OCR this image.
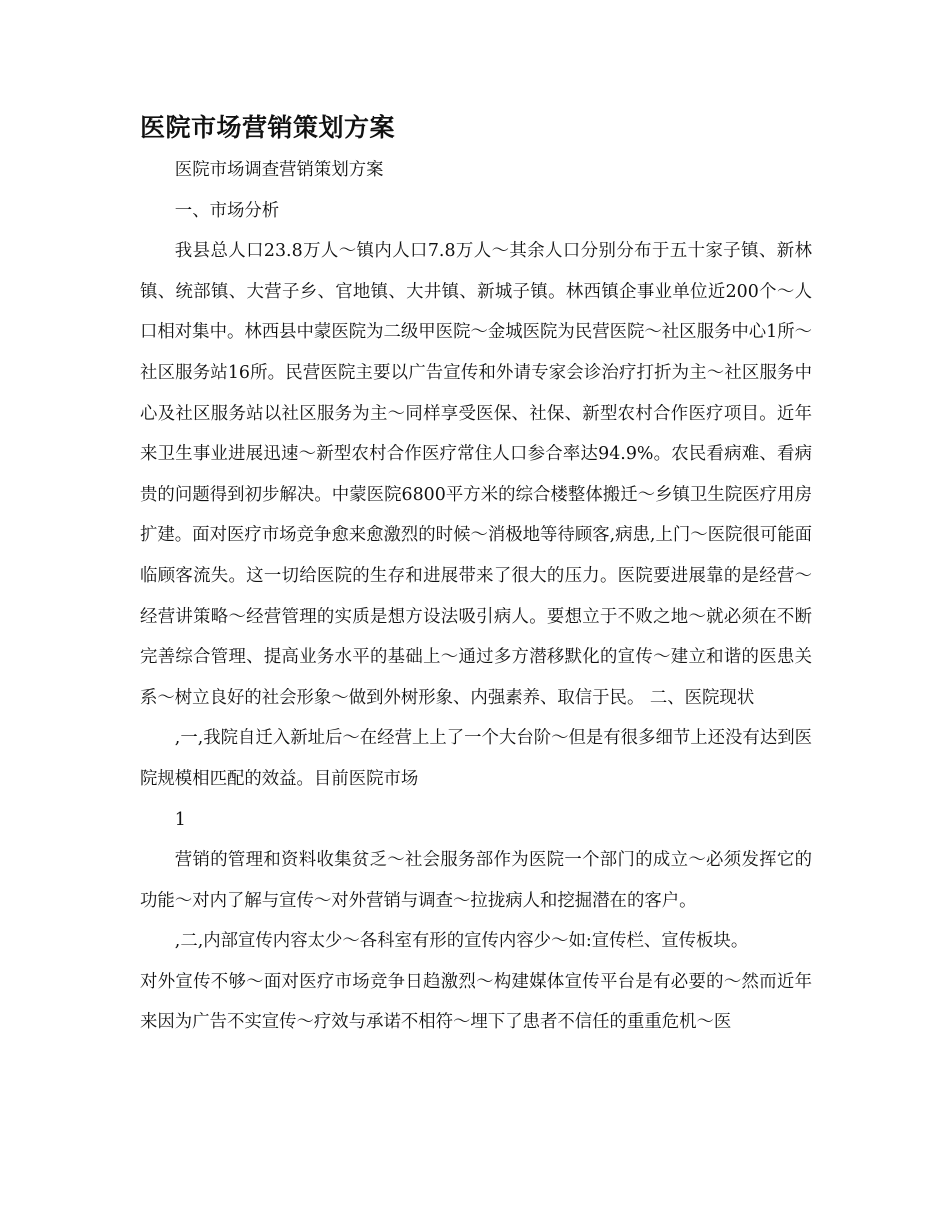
医院市场营销策划方案

医院市场调查营销策划方案

一、市场分析

我县总人口23.8万人～镇内人口7.8万人～其余人口分别分布于五十家子镇、新林镇、统部镇、大营子乡、官地镇、大井镇、新城子镇。林西镇企事业单位近200个～人口相对集中。林西县中蒙医院为二级甲医院～金城医院为民营医院～社区服务中心1所～社区服务站16所。民营医院主要以广告宣传和外请专家会诊治疗打折为主～社区服务中心及社区服务站以社区服务为主～同样享受医保、社保、新型农村合作医疗项目。近年来卫生事业进展迅速～新型农村合作医疗常住人口参合率达94.9%。农民看病难、看病贵的问题得到初步解决。中蒙医院6800平方米的综合楼整体搬迁～乡镇卫生院医疗用房扩建。面对医疗市场竞争愈来愈激烈的时候～消极地等待顾客,病患,上门～医院很可能面临顾客流失。这一切给医院的生存和进展带来了很大的压力。医院要进展靠的是经营～经营讲策略～经营管理的实质是想方设法吸引病人。要想立于不败之地～就必须在不断完善综合管理、提高业务水平的基础上～通过多方潜移默化的宣传～建立和谐的医患关系～树立良好的社会形象～做到外树形象、内强素养、取信于民。 二、医院现状

,一,我院自迁入新址后～在经营上上了一个大台阶～但是有很多细节上还没有达到医院规模相匹配的效益。目前医院市场

1

营销的管理和资料收集贫乏～社会服务部作为医院一个部门的成立～必须发挥它的功能～对内了解与宣传～对外营销与调查～拉拢病人和挖掘潜在的客户。

,二,内部宣传内容太少～各科室有形的宣传内容少～如:宣传栏、宣传板块。

对外宣传不够～面对医疗市场竞争日趋激烈～构建媒体宣传平台是有必要的～然而近年来因为广告不实宣传～疗效与承诺不相符～埋下了患者不信任的重重危机～医
